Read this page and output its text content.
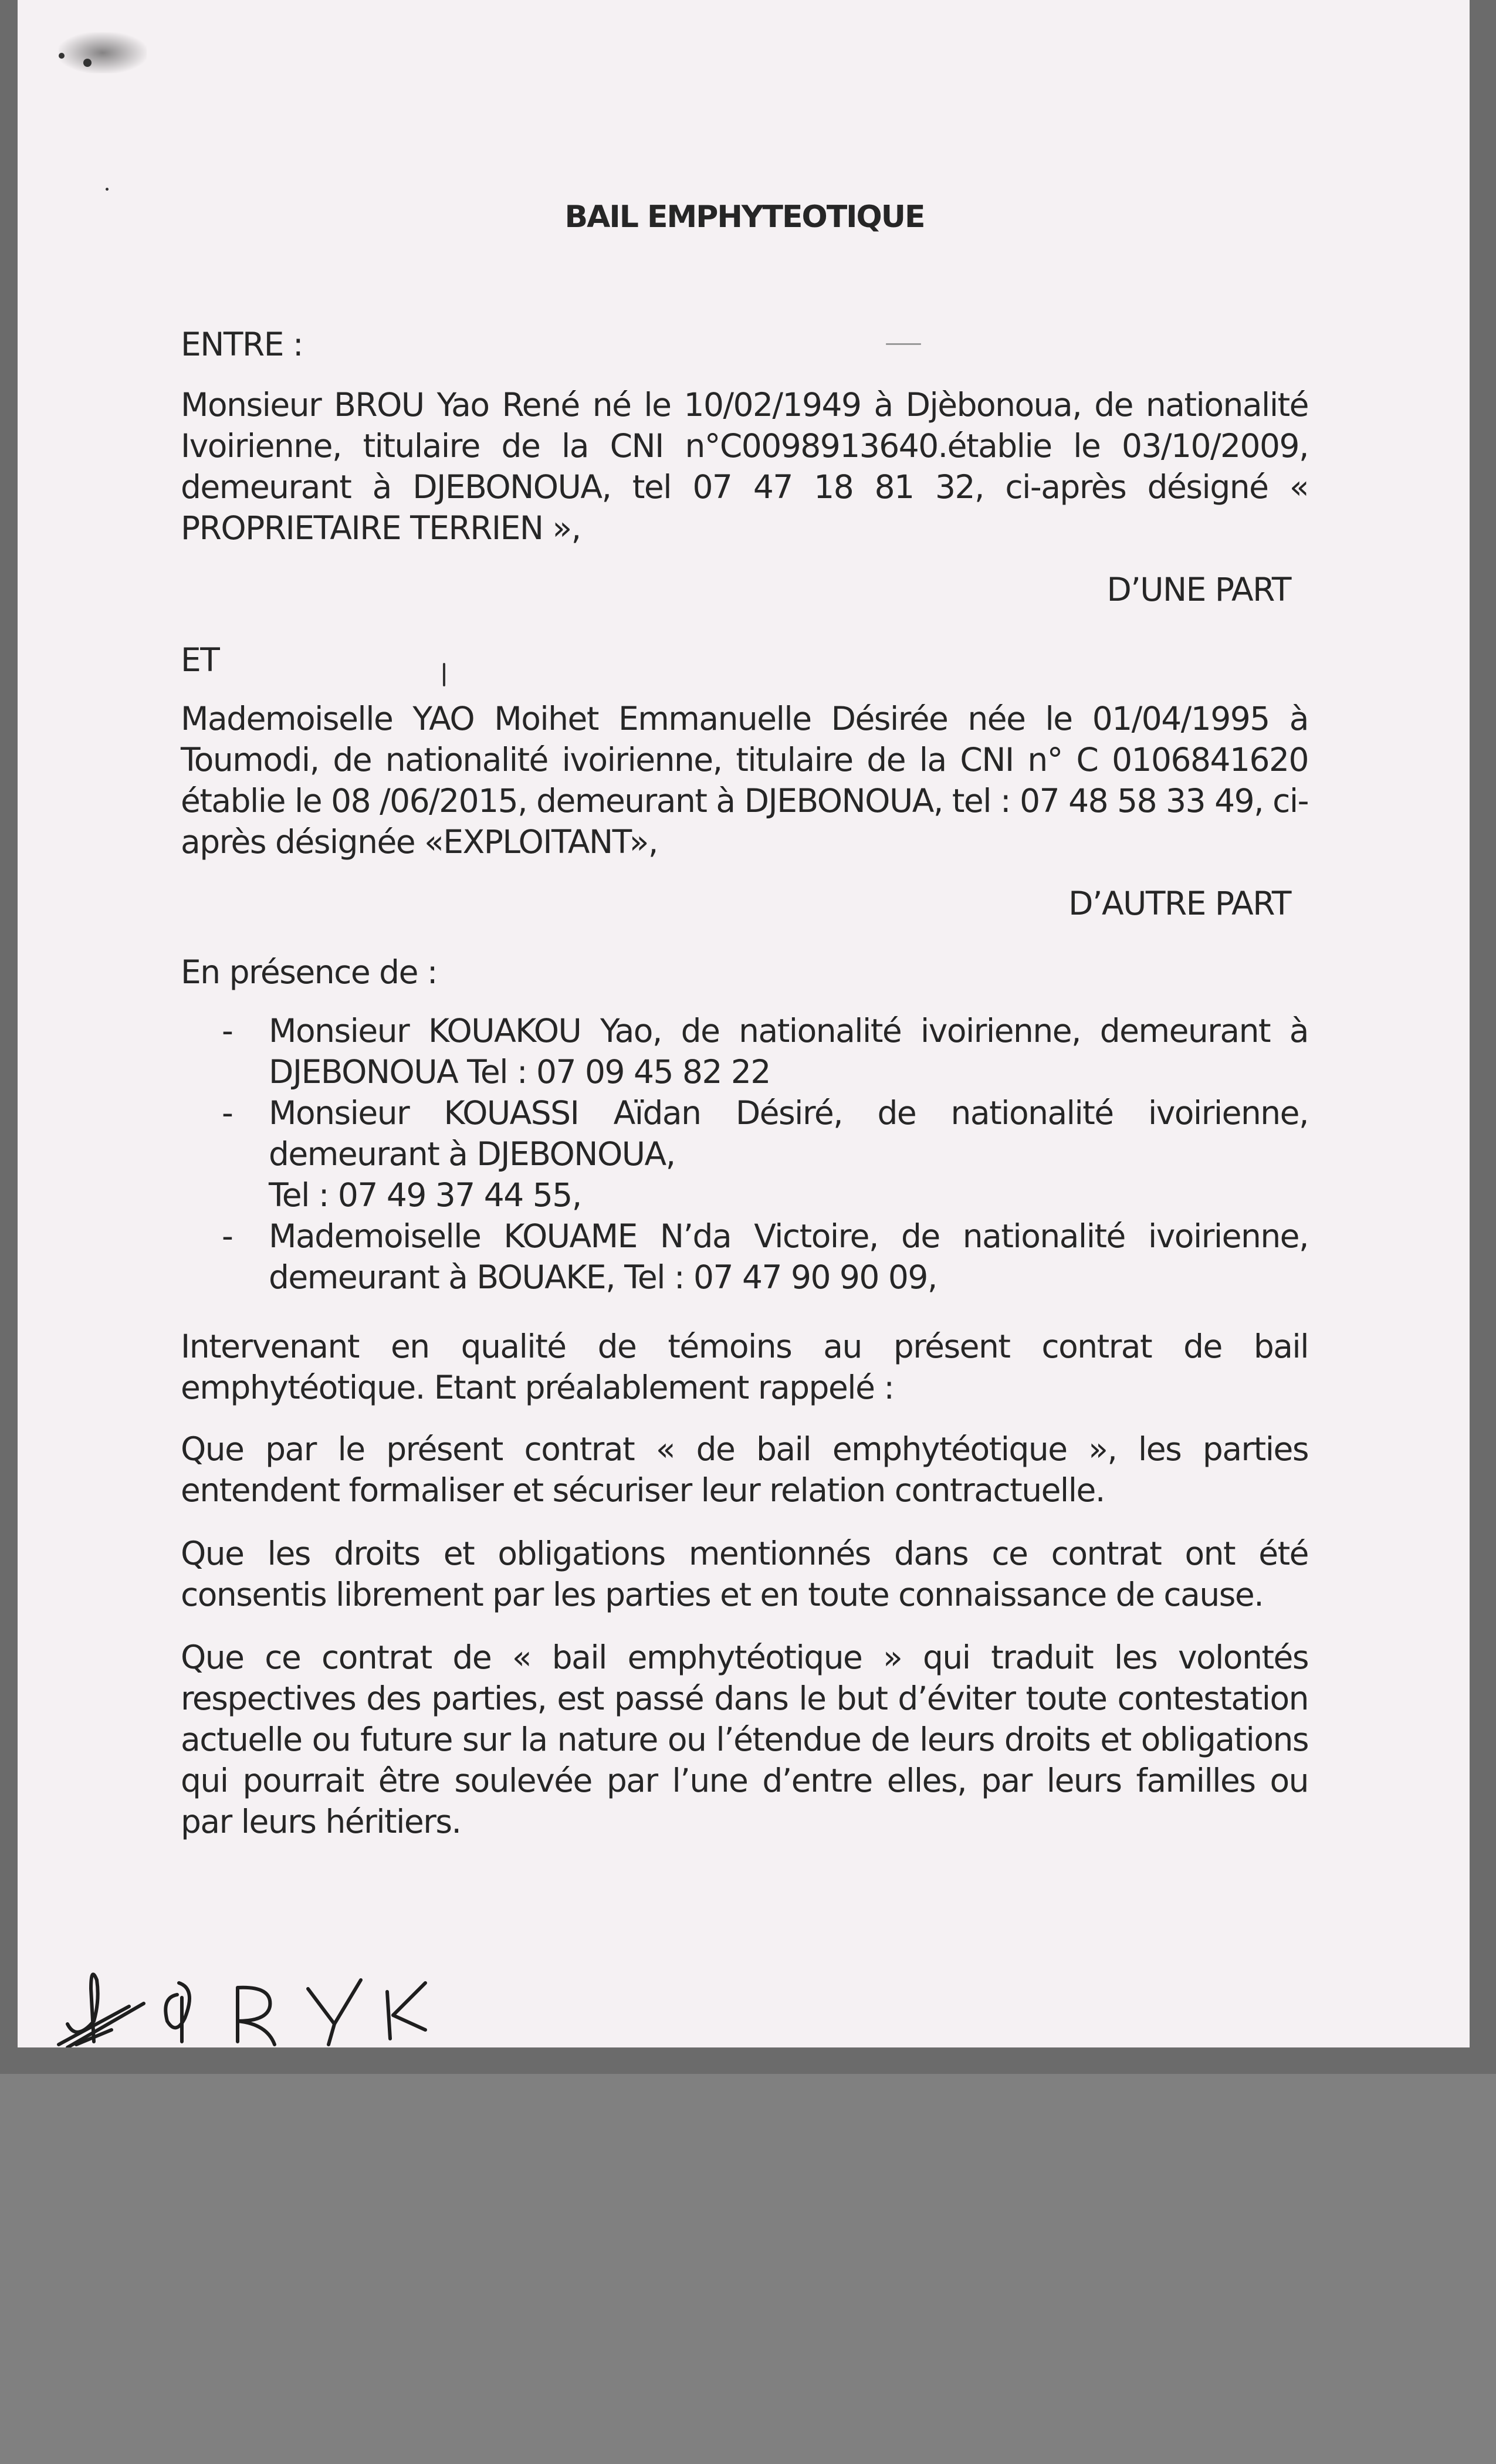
BAIL EMPHYTEOTIQUE
ENTRE :
Monsieur BROU Yao René né le 10/02/1949 à Djèbonoua, de nationalité Ivoirienne, titulaire de la CNI n°C0098913640.établie le 03/10/2009, demeurant à DJEBONOUA, tel 07 47 18 81 32, ci-après désigné « PROPRIETAIRE TERRIEN »,
D’UNE PART
ET
Mademoiselle YAO Moihet Emmanuelle Désirée née le 01/04/1995 à Toumodi, de nationalité ivoirienne, titulaire de la CNI n° C 0106841620 établie le 08 /06/2015, demeurant à DJEBONOUA, tel : 07 48 58 33 49, ci-après désignée «EXPLOITANT»,
D’AUTRE PART
En présence de :
- Monsieur KOUAKOU Yao, de nationalité ivoirienne, demeurant à
DJEBONOUA Tel : 07 09 45 82 22
- Monsieur KOUASSI Aïdan Désiré, de nationalité ivoirienne,
demeurant à DJEBONOUA,
Tel : 07 49 37 44 55,
- Mademoiselle KOUAME N’da Victoire, de nationalité ivoirienne,
demeurant à BOUAKE, Tel : 07 47 90 90 09,
Intervenant en qualité de témoins au présent contrat de bail emphytéotique. Etant préalablement rappelé :
Que par le présent contrat « de bail emphytéotique », les parties entendent formaliser et sécuriser leur relation contractuelle.
Que les droits et obligations mentionnés dans ce contrat ont été consentis librement par les parties et en toute connaissance de cause.
Que ce contrat de « bail emphytéotique » qui traduit les volontés respectives des parties, est passé dans le but d’éviter toute contestation actuelle ou future sur la nature ou l’étendue de leurs droits et obligations qui pourrait être soulevée par l’une d’entre elles, par leurs familles ou par leurs héritiers.
